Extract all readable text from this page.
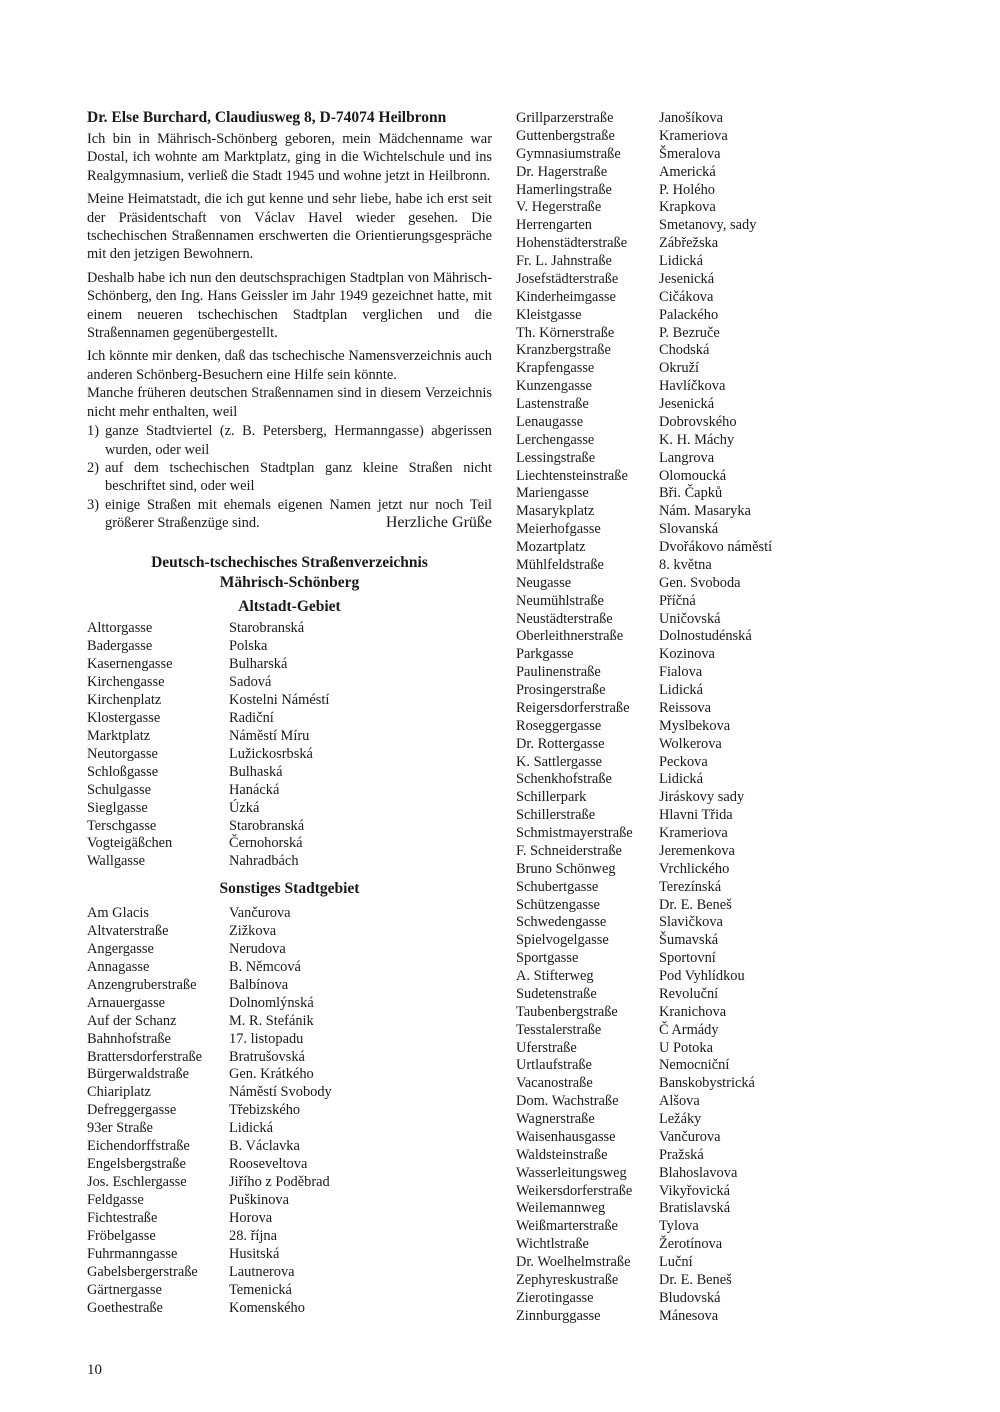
Dr. Else Burchard, Claudiusweg 8, D-74074 Heilbronn

Ich bin in Mährisch-Schönberg geboren, mein Mädchenname war Dostal, ich wohnte am Marktplatz, ging in die Wichtelschule und ins Realgymnasium, verließ die Stadt 1945 und wohne jetzt in Heilbronn.

Meine Heimatstadt, die ich gut kenne und sehr liebe, habe ich erst seit der Präsidentschaft von Václav Havel wieder gesehen. Die tschechischen Straßennamen erschwerten die Orientierungsgespräche mit den jetzigen Bewohnern.

Deshalb habe ich nun den deutschsprachigen Stadtplan von Mährisch-Schönberg, den Ing. Hans Geissler im Jahr 1949 gezeichnet hatte, mit einem neueren tschechischen Stadtplan verglichen und die Straßennamen gegenübergestellt.

Ich könnte mir denken, daß das tschechische Namensverzeichnis auch anderen Schönberg-Besuchern eine Hilfe sein könnte.

Manche früheren deutschen Straßennamen sind in diesem Verzeichnis nicht mehr enthalten, weil

1) ganze Stadtviertel (z. B. Petersberg, Hermanngasse) abgerissen wurden, oder weil
2) auf dem tschechischen Stadtplan ganz kleine Straßen nicht beschriftet sind, oder weil
3) einige Straßen mit ehemals eigenen Namen jetzt nur noch Teil größerer Straßenzüge sind.	Herzliche Grüße
Deutsch-tschechisches Straßenverzeichnis
Mährisch-Schönberg
Altstadt-Gebiet
Alttorgasse	Starobranská
Badergasse	Polska
Kasernengasse	Bulharská
Kirchengasse	Sadová
Kirchenplatz	Kostelni Náméstí
Klostergasse	Radiční
Marktplatz	Náměstí Míru
Neutorgasse	Lužickosrbská
Schloßgasse	Bulhaská
Schulgasse	Hanácká
Sieglgasse	Úzká
Terschgasse	Starobranská
Vogteigäßchen	Černohorská
Wallgasse	Nahradbách
Sonstiges Stadtgebiet
Am Glacis	Vančurova
Altvaterstraße	Zižkova
Angergasse	Nerudova
Annagasse	B. Němcová
Anzengruberstraße	Balbínova
Arnauergasse	Dolnomlýnská
Auf der Schanz	M. R. Stefánik
Bahnhofstraße	17. listopadu
Brattersdorferstraße	Bratrušovská
Bürgerwaldstraße	Gen. Krátkého
Chiariplatz	Náměstí Svobody
Defreggergasse	Třebizského
93er Straße	Lidická
Eichendorffstraße	B. Václavka
Engelsbergstraße	Rooseveltova
Jos. Eschlergasse	Jiřího z Poděbrad
Feldgasse	Puškinova
Fichtestraße	Horova
Fröbelgasse	28. října
Fuhrmanngasse	Husitská
Gabelsbergerstraße	Lautnerova
Gärtnergasse	Temenická
Goethestraße	Komenského
Grillparzerstraße	Janošíkova
Guttenbergstraße	Krameriova
Gymnasiumstraße	Šmeralova
Dr. Hagerstraße	Americká
Hamerlingstraße	P. Holého
V. Hegerstraße	Krapkova
Herrengarten	Smetanovy, sady
Hohenstädterstraße	Zábřežska
Fr. L. Jahnstraße	Lidická
Josefstädterstraße	Jesenická
Kinderheimgasse	Cičákova
Kleistgasse	Palackého
Th. Körnerstraße	P. Bezruče
Kranzbergstraße	Chodská
Krapfengasse	Okruží
Kunzengasse	Havlíčkova
Lastenstraße	Jesenická
Lenaugasse	Dobrovského
Lerchengasse	K. H. Máchy
Lessingstraße	Langrova
Liechtensteinstraße	Olomoucká
Mariengasse	Bři. Čapků
Masarykplatz	Nám. Masaryka
Meierhofgasse	Slovanská
Mozartplatz	Dvořákovo náměstí
Mühlfeldstraße	8. května
Neugasse	Gen. Svoboda
Neumühlstraße	Příčná
Neustädterstraße	Uničovská
Oberleithnerstraße	Dolnostudénská
Parkgasse	Kozinova
Paulinenstraße	Fialova
Prosingerstraße	Lidická
Reigersdorferstraße	Reissova
Roseggergasse	Myslbekova
Dr. Rottergasse	Wolkerova
K. Sattlergasse	Peckova
Schenkhofstraße	Lidická
Schillerpark	Jiráskovy sady
Schillerstraße	Hlavni Třida
Schmistmayerstraße	Krameriova
F. Schneiderstraße	Jeremenkova
Bruno Schönweg	Vrchlického
Schubertgasse	Terezínská
Schützengasse	Dr. E. Beneš
Schwedengasse	Slavičkova
Spielvogelgasse	Šumavská
Sportgasse	Sportovní
A. Stifterweg	Pod Vyhlídkou
Sudetenstraße	Revoluční
Taubenbergstraße	Kranichova
Tesstalerstraße	Č Armády
Uferstraße	U Potoka
Urtlaufstraße	Nemocniční
Vacanostraße	Banskobystrická
Dom. Wachstraße	Alšova
Wagnerstraße	Ležáky
Waisenhausgasse	Vančurova
Waldsteinstraße	Pražská
Wasserleitungsweg	Blahoslavova
Weikersdorferstraße	Vikyřovická
Weilemannweg	Bratislavská
Weißmarterstraße	Tylova
Wichtlstraße	Žerotínova
Dr. Woelhelmstraße	Luční
Zephyreskustraße	Dr. E. Beneš
Zierotingasse	Bludovská
Zinnburggasse	Mánesova
10
